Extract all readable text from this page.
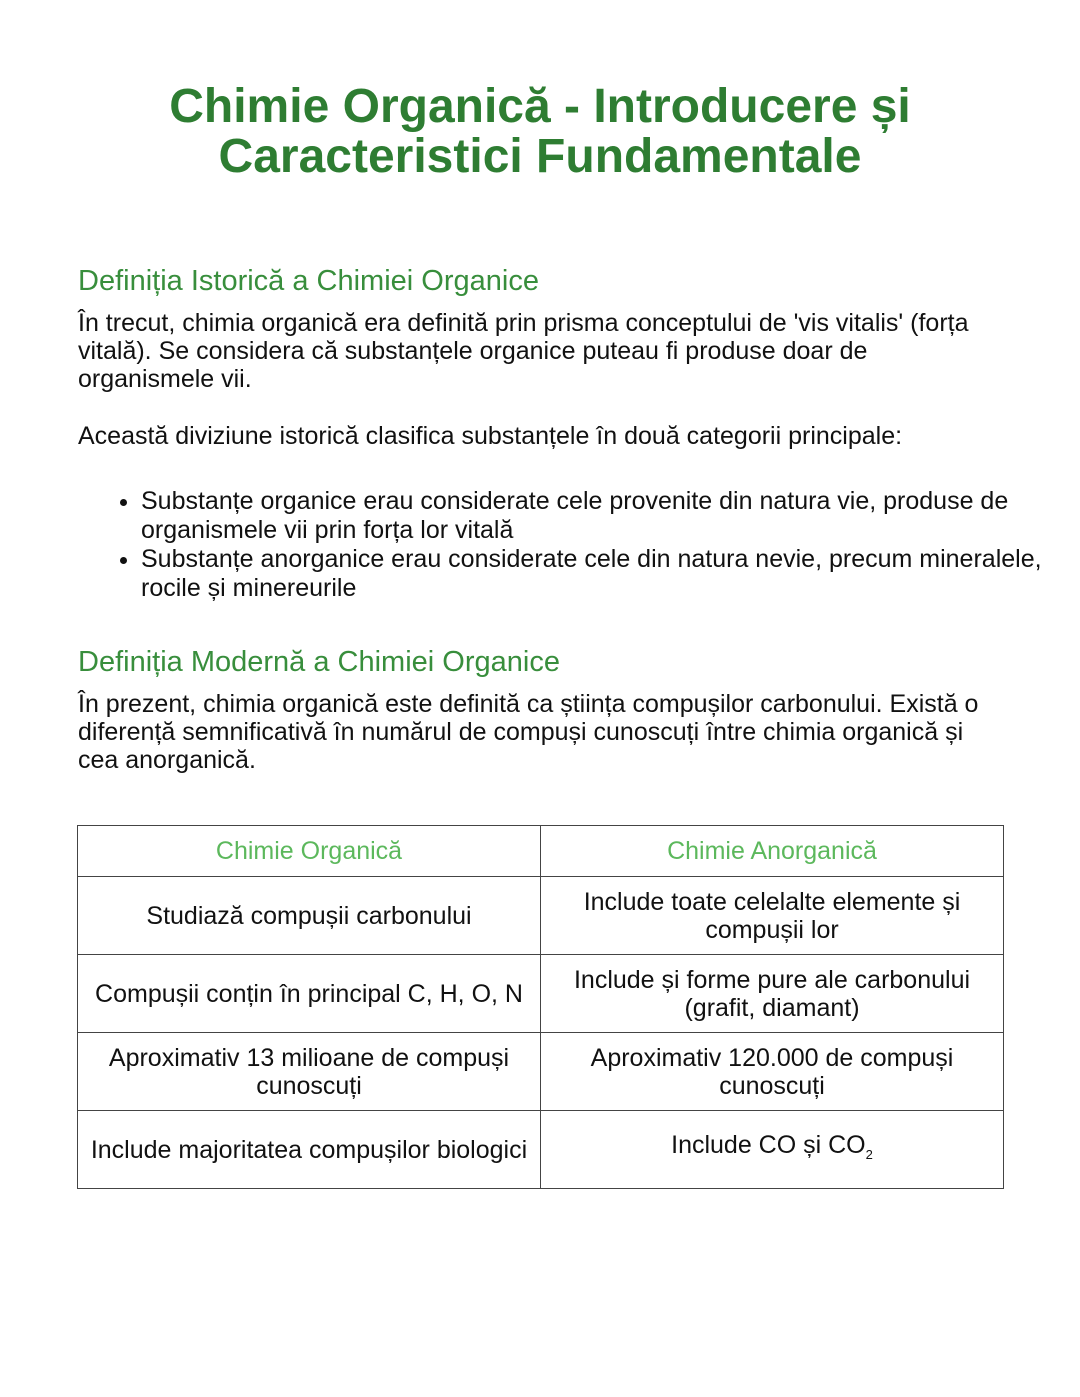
Chimie Organică - Introducere și
Caracteristici Fundamentale
Definiția Istorică a Chimiei Organice

În trecut, chimia organică era definită prin prisma conceptului de 'vis vitalis' (forța vitală). Se considera că substanțele organice puteau fi produse doar de organismele vii.

Această diviziune istorică clasifica substanțele în două categorii principale:

• Substanțe organice erau considerate cele provenite din natura vie, produse de organismele vii prin forța lor vitală
• Substanțe anorganice erau considerate cele din natura nevie, precum mineralele, rocile și minereurile
Definiția Modernă a Chimiei Organice

În prezent, chimia organică este definită ca știința compușilor carbonului. Există o diferență semnificativă în numărul de compuși cunoscuți între chimia organică și cea anorganică.

Chimie Organică	Chimie Anorganică
Studiază compușii carbonului	Include toate celelalte elemente și compușii lor
Compușii conțin în principal C, H, O, N	Include și forme pure ale carbonului (grafit, diamant)
Aproximativ 13 milioane de compuși cunoscuți	Aproximativ 120.000 de compuși cunoscuți
Include majoritatea compușilor biologici	Include CO și $CO_2$
